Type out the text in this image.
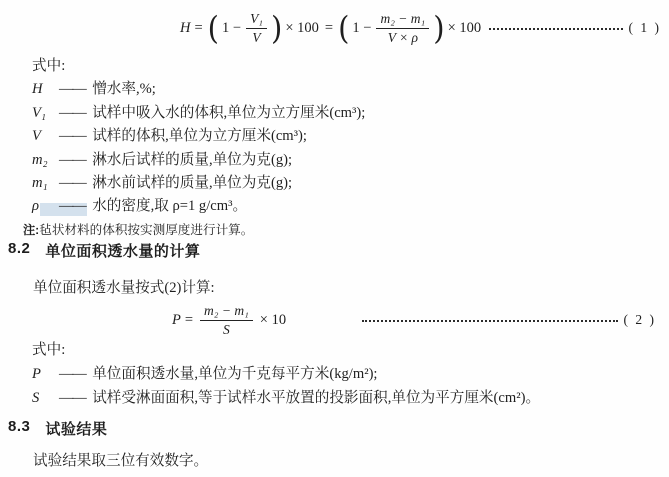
H = ( $1 - \frac{\text{V₁}}{V}$ ) × 100 = ( $1 - \frac{\text{m₂ − m₁}}{V \times \rho}$ ) × 100	( 1 )
式中:
H	—— 憎水率,%;
V₁ —— 试样中吸入水的体积,单位为立方厘米(cm³);
V	—— 试样的体积,单位为立方厘米(cm³);
m₂ —— 淋水后试样的质量,单位为克(g);
m₁ —— 淋水前试样的质量,单位为克(g);
ρ	—— 水的密度,取 ρ=1 g/cm³。
注:毡状材料的体积按实测厚度进行计算。
8.2 单位面积透水量的计算
单位面积透水量按式(2)计算:
$P = \frac{\text{m₂ − m₁}}{S} \times 10$	( 2 )
式中:
P	—— 单位面积透水量,单位为千克每平方米(kg/m²);
S	—— 试样受淋面面积,等于试样水平放置的投影面积,单位为平方厘米(cm²)。
8.3 试验结果
试验结果取三位有效数字。
